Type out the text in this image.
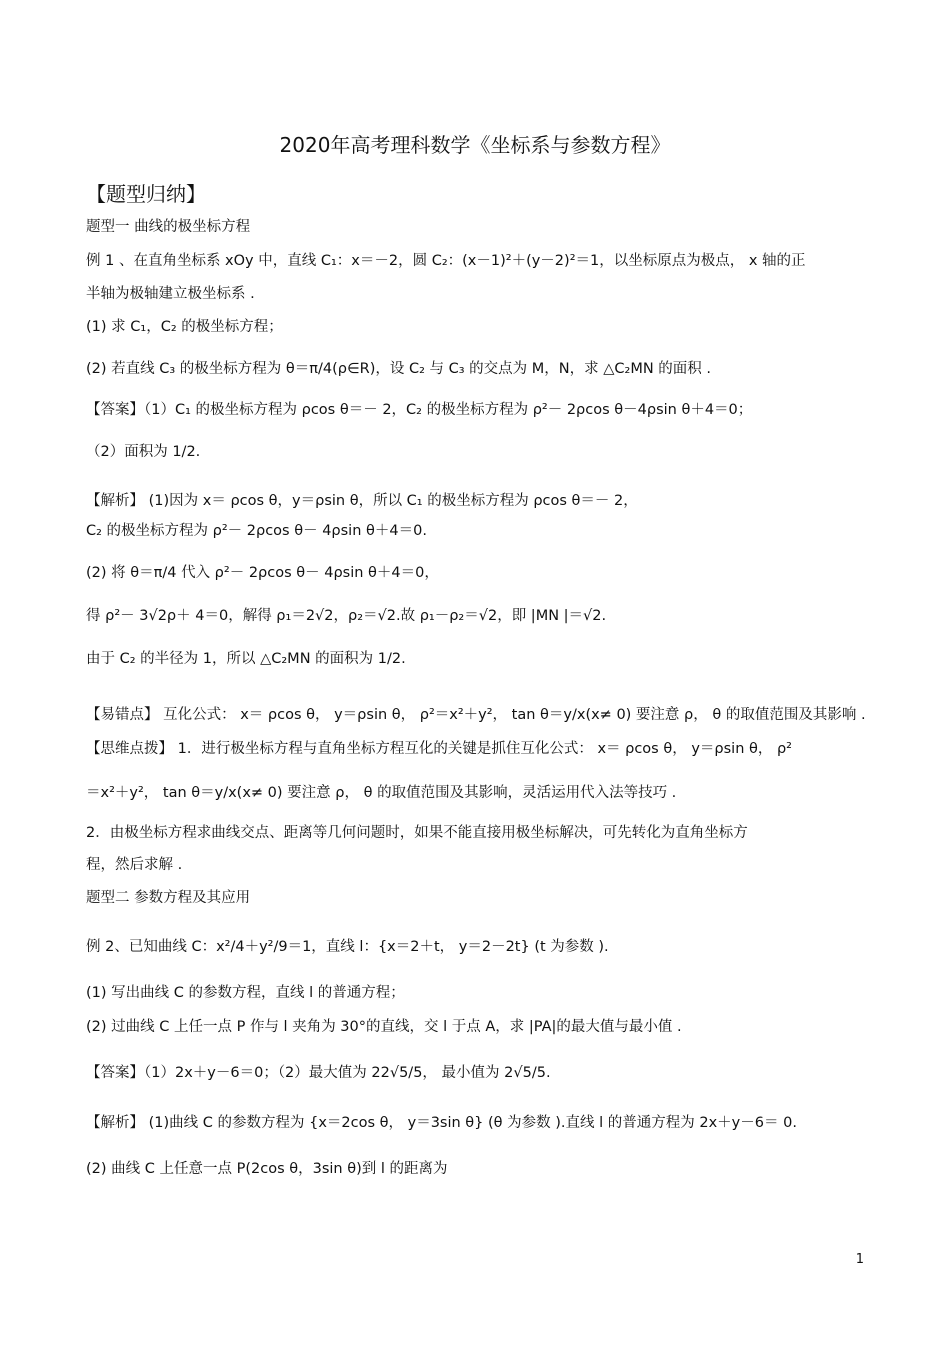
2020年高考理科数学《坐标系与参数方程》
【题型归纳】
题型一 曲线的极坐标方程
例 1 、在直角坐标系 xOy 中，直线 C₁：x＝－2，圆 C₂：(x－1)²＋(y－2)²＝1，以坐标原点为极点， x 轴的正
半轴为极轴建立极坐标系 .
(1) 求 C₁，C₂ 的极坐标方程；
(2) 若直线 C₃ 的极坐标方程为 θ＝π/4(ρ∈R)，设 C₂ 与 C₃ 的交点为 M，N，求 △C₂MN 的面积 .
【答案】（1）C₁ 的极坐标方程为 ρcos θ＝－ 2，C₂ 的极坐标方程为 ρ²－ 2ρcos θ－4ρsin θ＋4＝0；
（2）面积为 1/2.
【解析】 (1)因为 x＝ ρcos θ，y＝ρsin θ，所以 C₁ 的极坐标方程为 ρcos θ＝－ 2，
C₂ 的极坐标方程为 ρ²－ 2ρcos θ－ 4ρsin θ＋4＝0.
(2) 将 θ＝π/4 代入 ρ²－ 2ρcos θ－ 4ρsin θ＋4＝0，
得 ρ²－ 3√2ρ＋ 4＝0，解得 ρ₁＝2√2，ρ₂＝√2.故 ρ₁－ρ₂＝√2，即 |MN |＝√2.
由于 C₂ 的半径为 1，所以 △C₂MN 的面积为 1/2.
【易错点】 互化公式： x＝ ρcos θ， y＝ρsin θ， ρ²＝x²＋y²， tan θ＝y/x(x≠ 0) 要注意 ρ， θ 的取值范围及其影响 .
【思维点拨】 1．进行极坐标方程与直角坐标方程互化的关键是抓住互化公式： x＝ ρcos θ， y＝ρsin θ， ρ²
＝x²＋y²， tan θ＝y/x(x≠ 0) 要注意 ρ， θ 的取值范围及其影响，灵活运用代入法等技巧 .
2．由极坐标方程求曲线交点、距离等几何问题时，如果不能直接用极坐标解决，可先转化为直角坐标方
程，然后求解 .
题型二 参数方程及其应用
例 2、已知曲线 C：x²/4＋y²/9＝1，直线 l：{x＝2＋t， y＝2－2t} (t 为参数 ).
(1) 写出曲线 C 的参数方程，直线 l 的普通方程；
(2) 过曲线 C 上任一点 P 作与 l 夹角为 30°的直线，交 l 于点 A，求 |PA|的最大值与最小值 .
【答案】（1）2x＋y－6＝0；（2）最大值为 22√5/5， 最小值为 2√5/5.
【解析】 (1)曲线 C 的参数方程为 {x＝2cos θ， y＝3sin θ} (θ 为参数 ).直线 l 的普通方程为 2x＋y－6＝ 0.
(2) 曲线 C 上任意一点 P(2cos θ，3sin θ)到 l 的距离为
1
